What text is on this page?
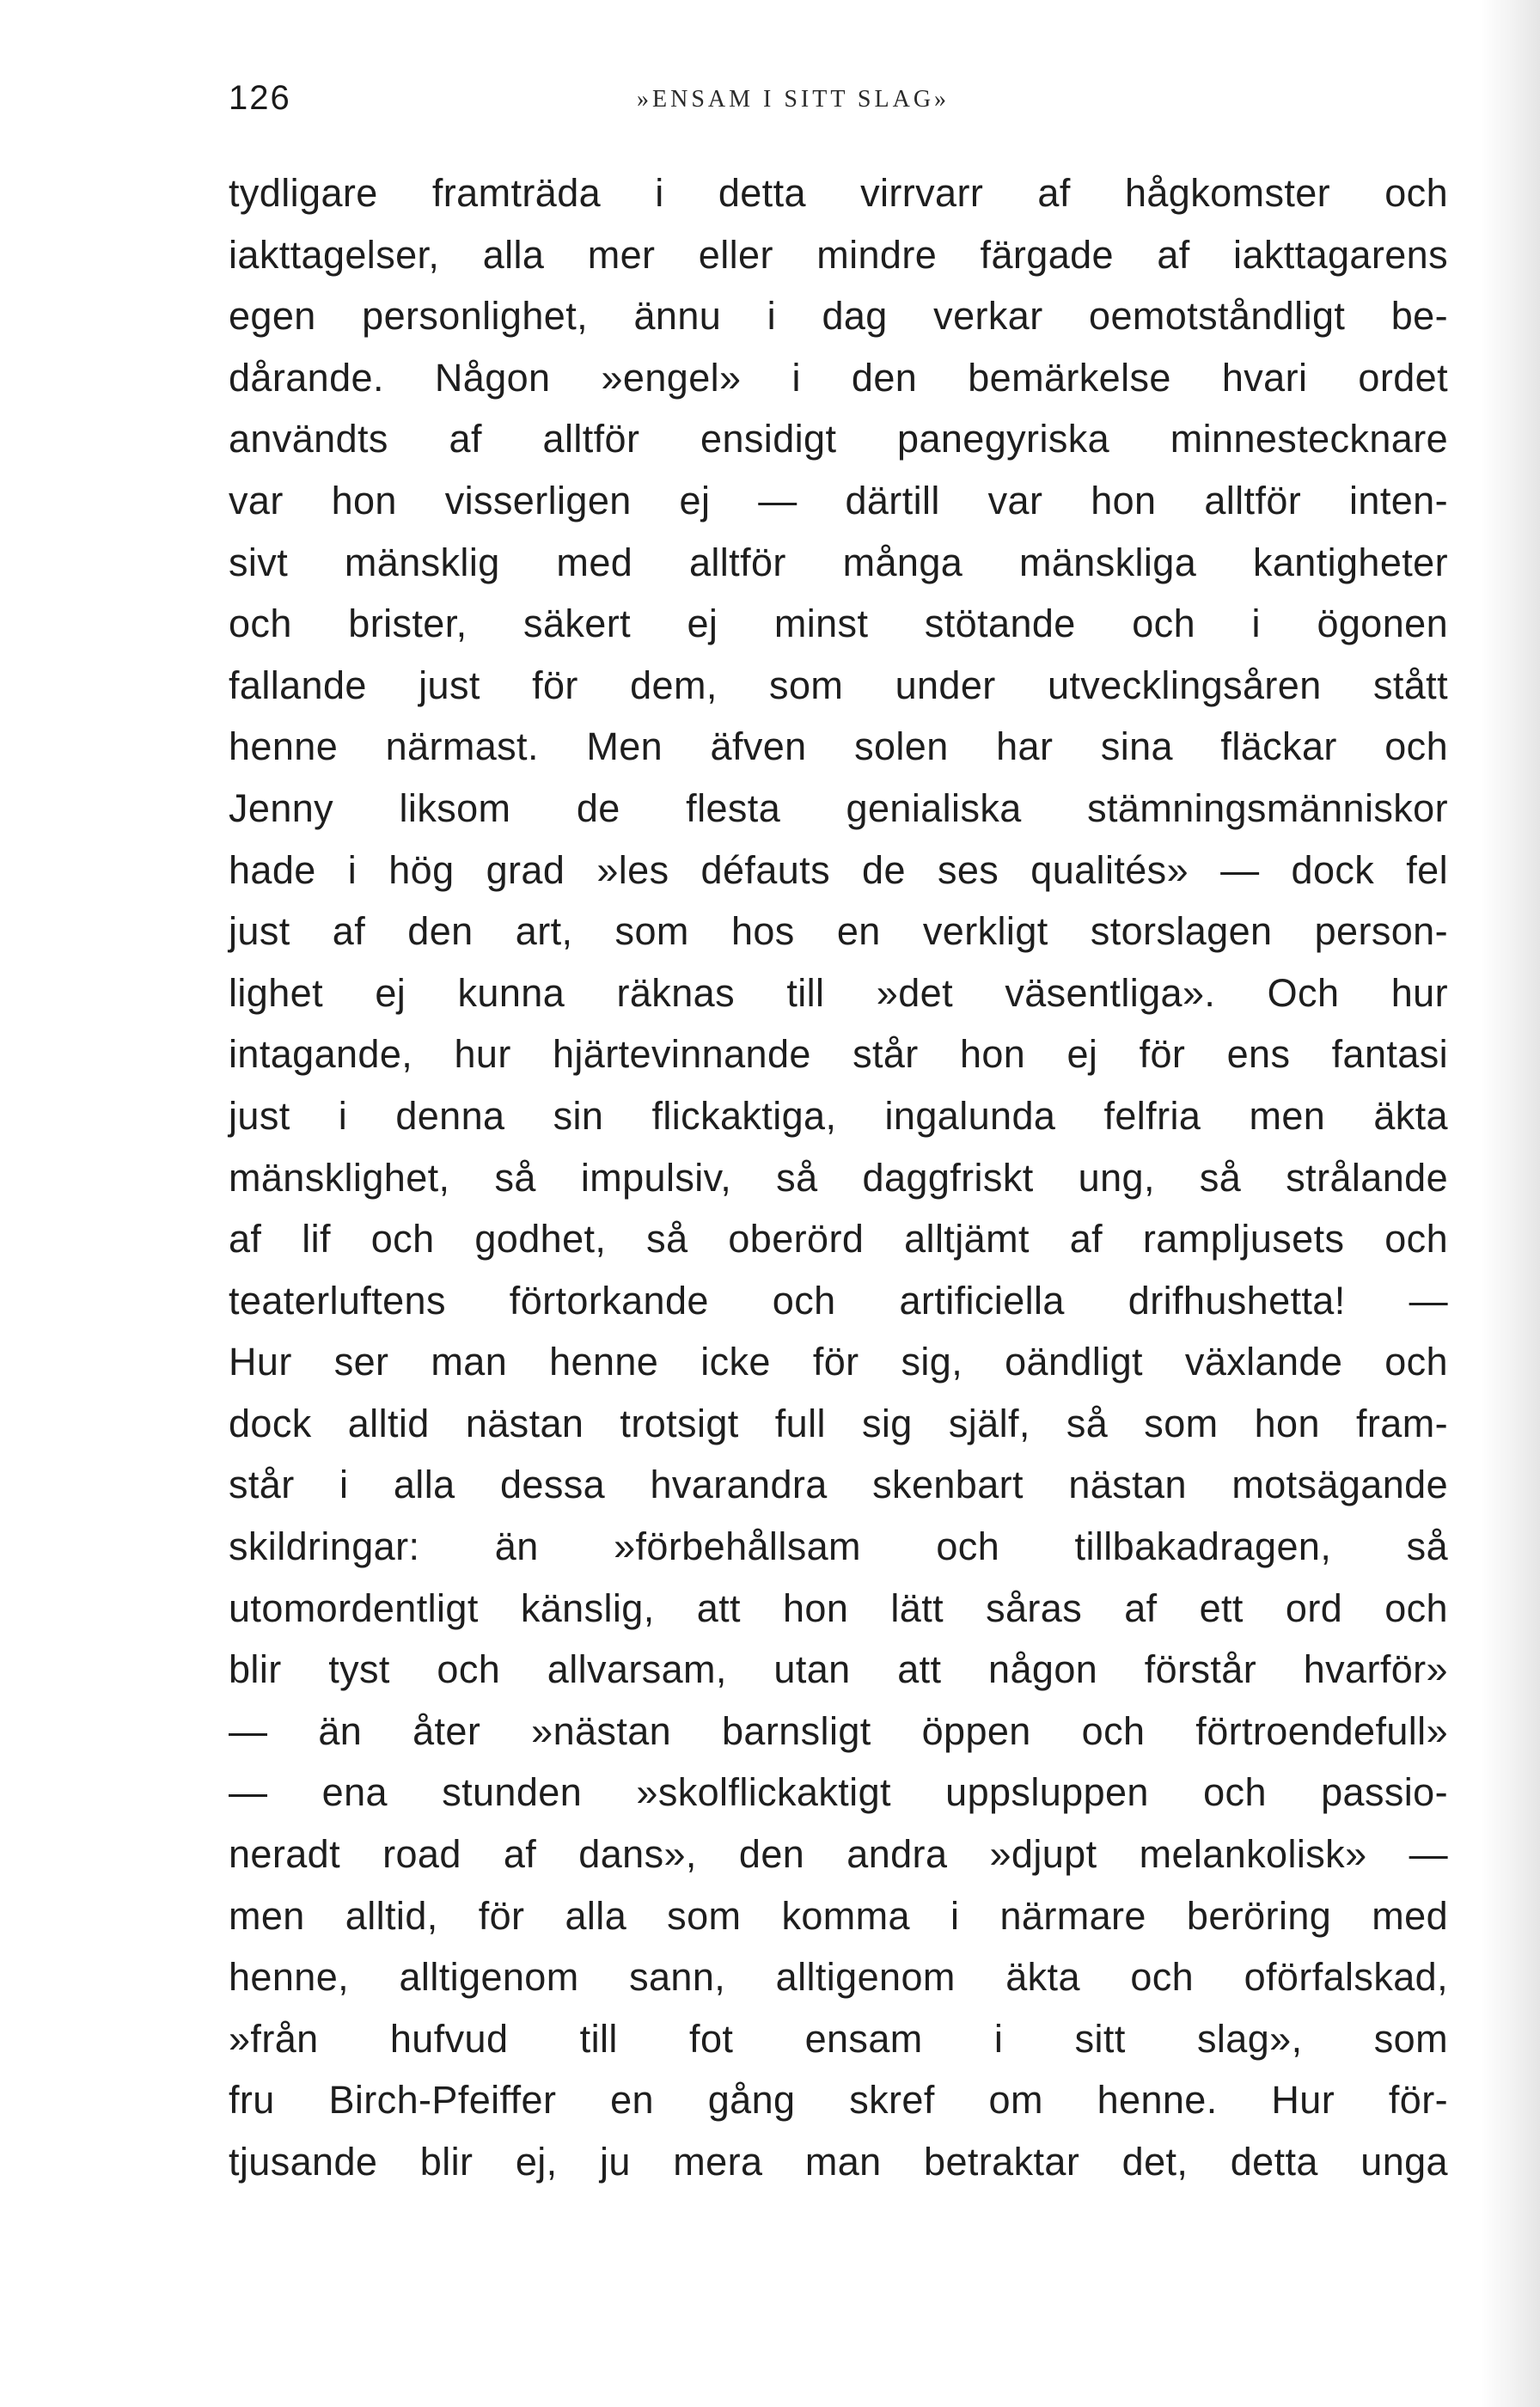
126	»ENSAM I SITT SLAG»
tydligare framträda i detta virrvarr af hågkomster och
iakttagelser, alla mer eller mindre färgade af iakttagarens
egen personlighet, ännu i dag verkar oemotståndligt be-
dårande. Någon »engel» i den bemärkelse hvari ordet
användts af alltför ensidigt panegyriska minnestecknare
var hon visserligen ej — därtill var hon alltför inten-
sivt mänsklig med alltför många mänskliga kantigheter
och brister, säkert ej minst stötande och i ögonen
fallande just för dem, som under utvecklingsåren stått
henne närmast. Men äfven solen har sina fläckar och
Jenny liksom de flesta genialiska stämningsmänniskor
hade i hög grad »les défauts de ses qualités» — dock fel
just af den art, som hos en verkligt storslagen person-
lighet ej kunna räknas till »det väsentliga». Och hur
intagande, hur hjärtevinnande står hon ej för ens fantasi
just i denna sin flickaktiga, ingalunda felfria men äkta
mänsklighet, så impulsiv, så daggfriskt ung, så strålande
af lif och godhet, så oberörd alltjämt af rampljusets och
teaterluftens förtorkande och artificiella drifhushetta! —
Hur ser man henne icke för sig, oändligt växlande och
dock alltid nästan trotsigt full sig själf, så som hon fram-
står i alla dessa hvarandra skenbart nästan motsägande
skildringar: än »förbehållsam och tillbakadragen, så
utomordentligt känslig, att hon lätt såras af ett ord och
blir tyst och allvarsam, utan att någon förstår hvarför»
— än åter »nästan barnsligt öppen och förtroendefull»
— ena stunden »skolflickaktigt uppsluppen och passio-
neradt road af dans», den andra »djupt melankolisk» —
men alltid, för alla som komma i närmare beröring med
henne, alltigenom sann, alltigenom äkta och oförfalskad,
»från hufvud till fot ensam i sitt slag», som
fru Birch-Pfeiffer en gång skref om henne. Hur för-
tjusande blir ej, ju mera man betraktar det, detta unga
